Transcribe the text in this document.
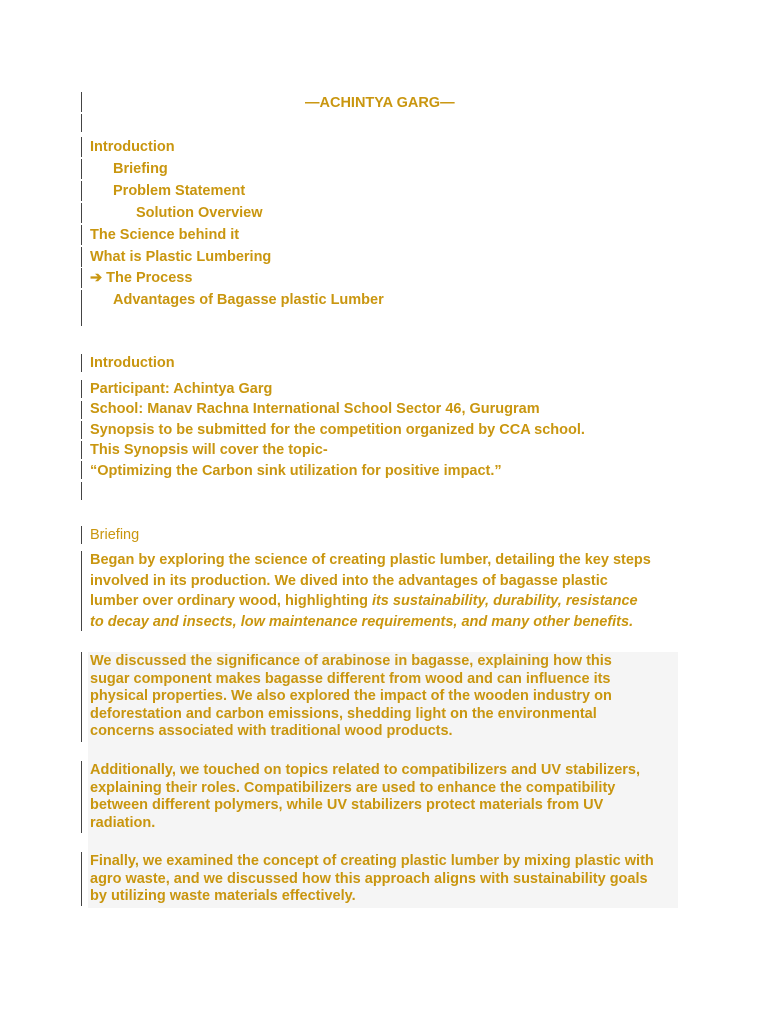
—ACHINTYA GARG—
Introduction
Briefing
Problem Statement
Solution Overview
The Science behind it
What is Plastic Lumbering
➔ The Process
Advantages of Bagasse plastic Lumber
Introduction
Participant: Achintya Garg
School: Manav Rachna International School Sector 46, Gurugram
Synopsis to be submitted for the competition organized by CCA school.
This Synopsis will cover the topic-
“Optimizing the Carbon sink utilization for positive impact.”
Briefing
Began by exploring the science of creating plastic lumber, detailing the key steps
involved in its production. We dived into the advantages of bagasse plastic
lumber over ordinary wood, highlighting its sustainability, durability, resistance
to decay and insects, low maintenance requirements, and many other benefits.
We discussed the significance of arabinose in bagasse, explaining how this
sugar component makes bagasse different from wood and can influence its
physical properties. We also explored the impact of the wooden industry on
deforestation and carbon emissions, shedding light on the environmental
concerns associated with traditional wood products.
Additionally, we touched on topics related to compatibilizers and UV stabilizers,
explaining their roles. Compatibilizers are used to enhance the compatibility
between different polymers, while UV stabilizers protect materials from UV
radiation.
Finally, we examined the concept of creating plastic lumber by mixing plastic with
agro waste, and we discussed how this approach aligns with sustainability goals
by utilizing waste materials effectively.
